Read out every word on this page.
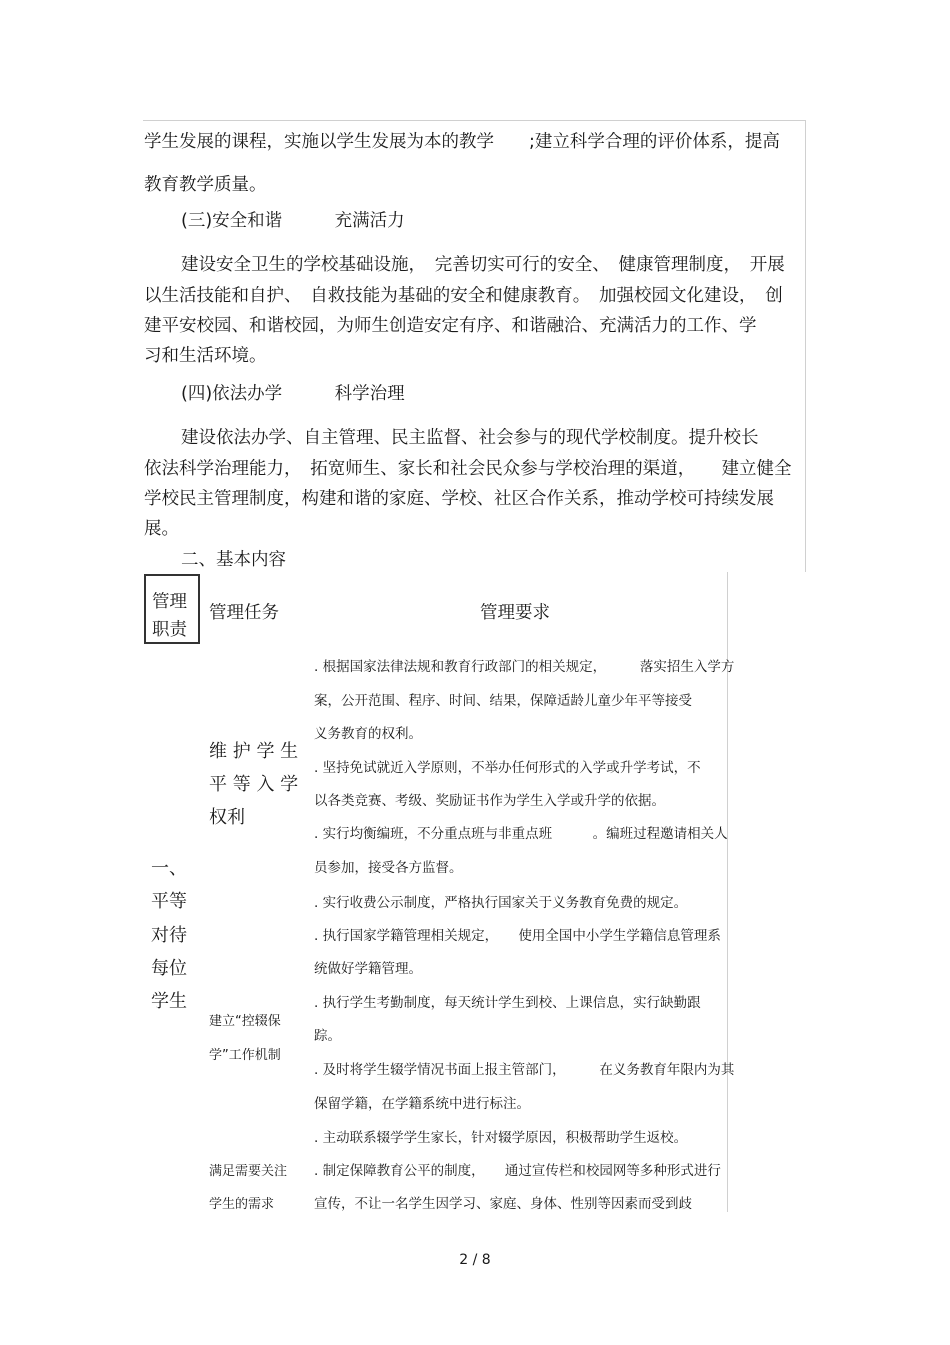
学生发展的课程，实施以学生发展为本的教学　　;建立科学合理的评价体系，提高
教育教学质量。
(三)安全和谐　　　充满活力
建设安全卫生的学校基础设施，　完善切实可行的安全、　健康管理制度，　开展
以生活技能和自护、　自救技能为基础的安全和健康教育。　加强校园文化建设，　创
建平安校园、和谐校园，为师生创造安定有序、和谐融洽、充满活力的工作、学
习和生活环境。
(四)依法办学　　　科学治理
建设依法办学、自主管理、民主监督、社会参与的现代学校制度。提升校长
依法科学治理能力，　拓宽师生、家长和社会民众参与学校治理的渠道，　　建立健全
学校民主管理制度，构建和谐的家庭、学校、社区合作关系，推动学校可持续发展
展。
二、基本内容
管理
职责
管理任务	管理要求
一、
平等
对待
每位
学生
维 护 学 生
平 等 入 学
权利
. 根据国家法律法规和教育行政部门的相关规定，　　　落实招生入学方
案，公开范围、程序、时间、结果，保障适龄儿童少年平等接受
义务教育的权利。
. 坚持免试就近入学原则，不举办任何形式的入学或升学考试，不
以各类竞赛、考级、奖励证书作为学生入学或升学的依据。
. 实行均衡编班，不分重点班与非重点班　　　。编班过程邀请相关人
员参加，接受各方监督。
. 实行收费公示制度，严格执行国家关于义务教育免费的规定。
. 执行国家学籍管理相关规定，　　使用全国中小学生学籍信息管理系
统做好学籍管理。
建立“控辍保
学”工作机制
. 执行学生考勤制度，每天统计学生到校、上课信息，实行缺勤跟
踪。
. 及时将学生辍学情况书面上报主管部门，　　　在义务教育年限内为其
保留学籍，在学籍系统中进行标注。
. 主动联系辍学学生家长，针对辍学原因，积极帮助学生返校。
满足需要关注
学生的需求
. 制定保障教育公平的制度，　　通过宣传栏和校园网等多种形式进行
宣传，不让一名学生因学习、家庭、身体、性别等因素而受到歧
2 / 8
